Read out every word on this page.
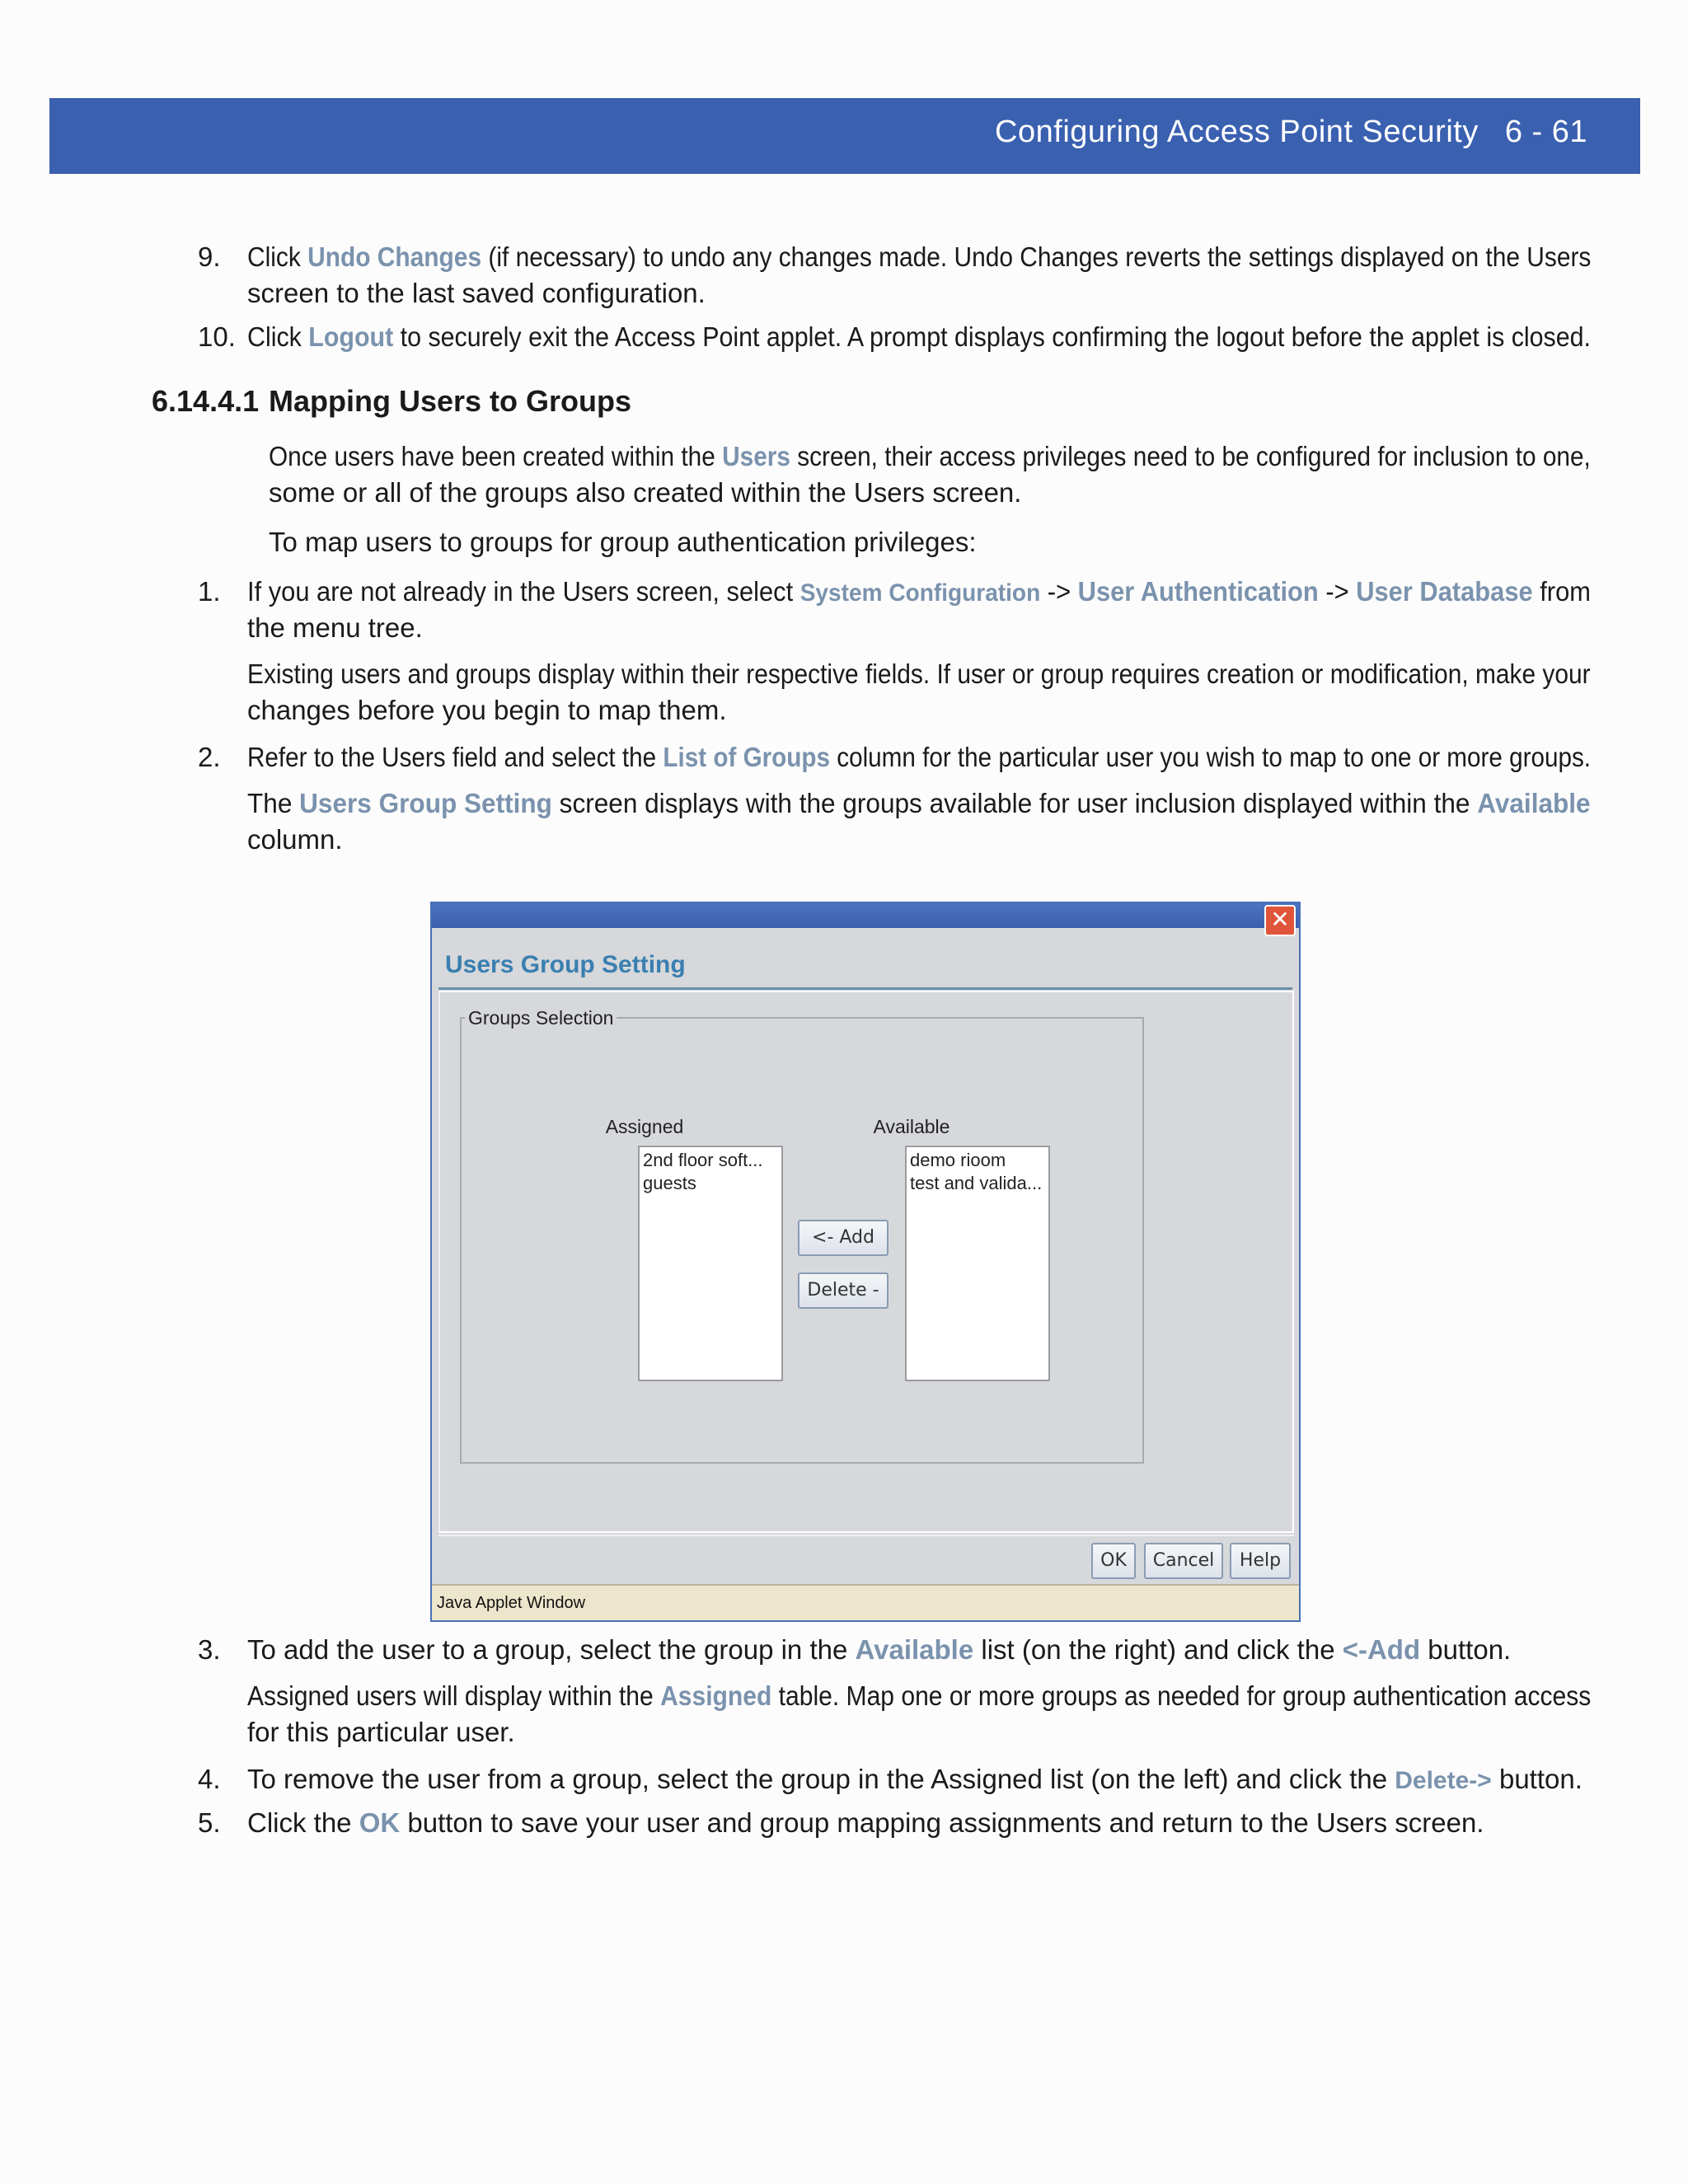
Configuring Access Point Security 6 - 61
9. Click Undo Changes (if necessary) to undo any changes made. Undo Changes reverts the settings displayed on the Users
screen to the last saved configuration.
10. Click Logout to securely exit the Access Point applet. A prompt displays confirming the logout before the applet is closed.
6.14.4.1 Mapping Users to Groups
Once users have been created within the Users screen, their access privileges need to be configured for inclusion to one,
some or all of the groups also created within the Users screen.
To map users to groups for group authentication privileges:
1. If you are not already in the Users screen, select System Configuration -> User Authentication -> User Database from
the menu tree.
Existing users and groups display within their respective fields. If user or group requires creation or modification, make your
changes before you begin to map them.
2. Refer to the Users field and select the List of Groups column for the particular user you wish to map to one or more groups.
The Users Group Setting screen displays with the groups available for user inclusion displayed within the Available
column.
✕
Users Group Setting
Groups Selection
Assigned	Available
2nd floor soft...
guests
demo rioom
test and valida...
<- Add
Delete -
OK	Cancel	Help
Java Applet Window
3. To add the user to a group, select the group in the Available list (on the right) and click the <-Add button.
Assigned users will display within the Assigned table. Map one or more groups as needed for group authentication access
for this particular user.
4. To remove the user from a group, select the group in the Assigned list (on the left) and click the Delete-> button.
5. Click the OK button to save your user and group mapping assignments and return to the Users screen.
